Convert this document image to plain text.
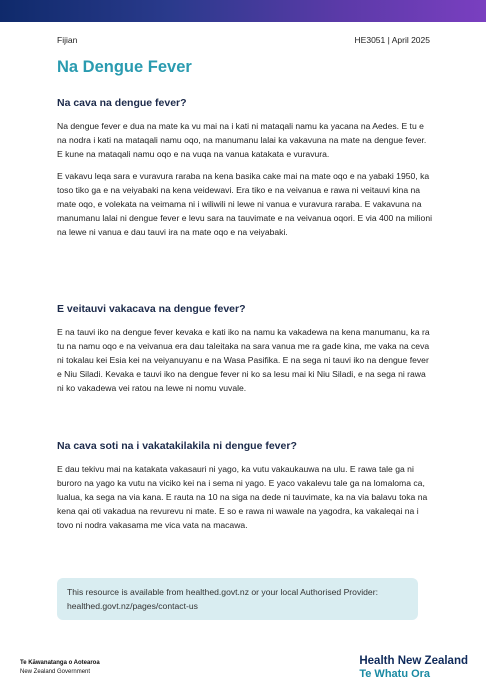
Fijian	HE3051 | April 2025
Na Dengue Fever
Na cava na dengue fever?

Na dengue fever e dua na mate ka vu mai na i kati ni mataqali namu ka yacana na Aedes. E tu e na nodra i kati na mataqali namu oqo, na manumanu lalai ka vakavuna na mate na dengue fever. E kune na mataqali namu oqo e na vuqa na vanua katakata e vuravura.

E vakavu leqa sara e vuravura raraba na kena basika cake mai na mate oqo e na yabaki 1950, ka toso tiko ga e na veiyabaki na kena veidewavi. Era tiko e na veivanua e rawa ni veitauvi kina na mate oqo, e volekata na veimama ni i wiliwili ni lewe ni vanua e vuravura raraba. E vakavuna na manumanu lalai ni dengue fever e levu sara na tauvimate e na veivanua oqori. E via 400 na milioni na lewe ni vanua e dau tauvi ira na mate oqo e na veiyabaki.

E veitauvi vakacava na dengue fever?

E na tauvi iko na dengue fever kevaka e kati iko na namu ka vakadewa na kena manumanu, ka ra tu na namu oqo e na veivanua era dau taleitaka na sara vanua me ra gade kina, me vaka na ceva ni tokalau kei Esia kei na veiyanuyanu e na Wasa Pasifika. E na sega ni tauvi iko na dengue fever e Niu Siladi. Kevaka e tauvi iko na dengue fever ni ko sa lesu mai ki Niu Siladi, e na sega ni rawa ni ko vakadewa vei ratou na lewe ni nomu vuvale.

Na cava soti na i vakatakilakila ni dengue fever?

E dau tekivu mai na katakata vakasauri ni yago, ka vutu vakaukauwa na ulu. E rawa tale ga ni buroro na yago ka vutu na viciko kei na i sema ni yago. E yaco vakalevu tale ga na lomaloma ca, lualua, ka sega na via kana. E rauta na 10 na siga na dede ni tauvimate, ka na via balavu toka na kena qai oti vakadua na revurevu ni mate. E so e rawa ni wawale na yagodra, ka vakaleqai na i tovo ni nodra vakasama me vica vata na macawa.

This resource is available from healthed.govt.nz or your local Authorised Provider: healthed.govt.nz/pages/contact-us
Te Kāwanatanga o Aotearoa
New Zealand Government
Health New Zealand
Te Whatu Ora
